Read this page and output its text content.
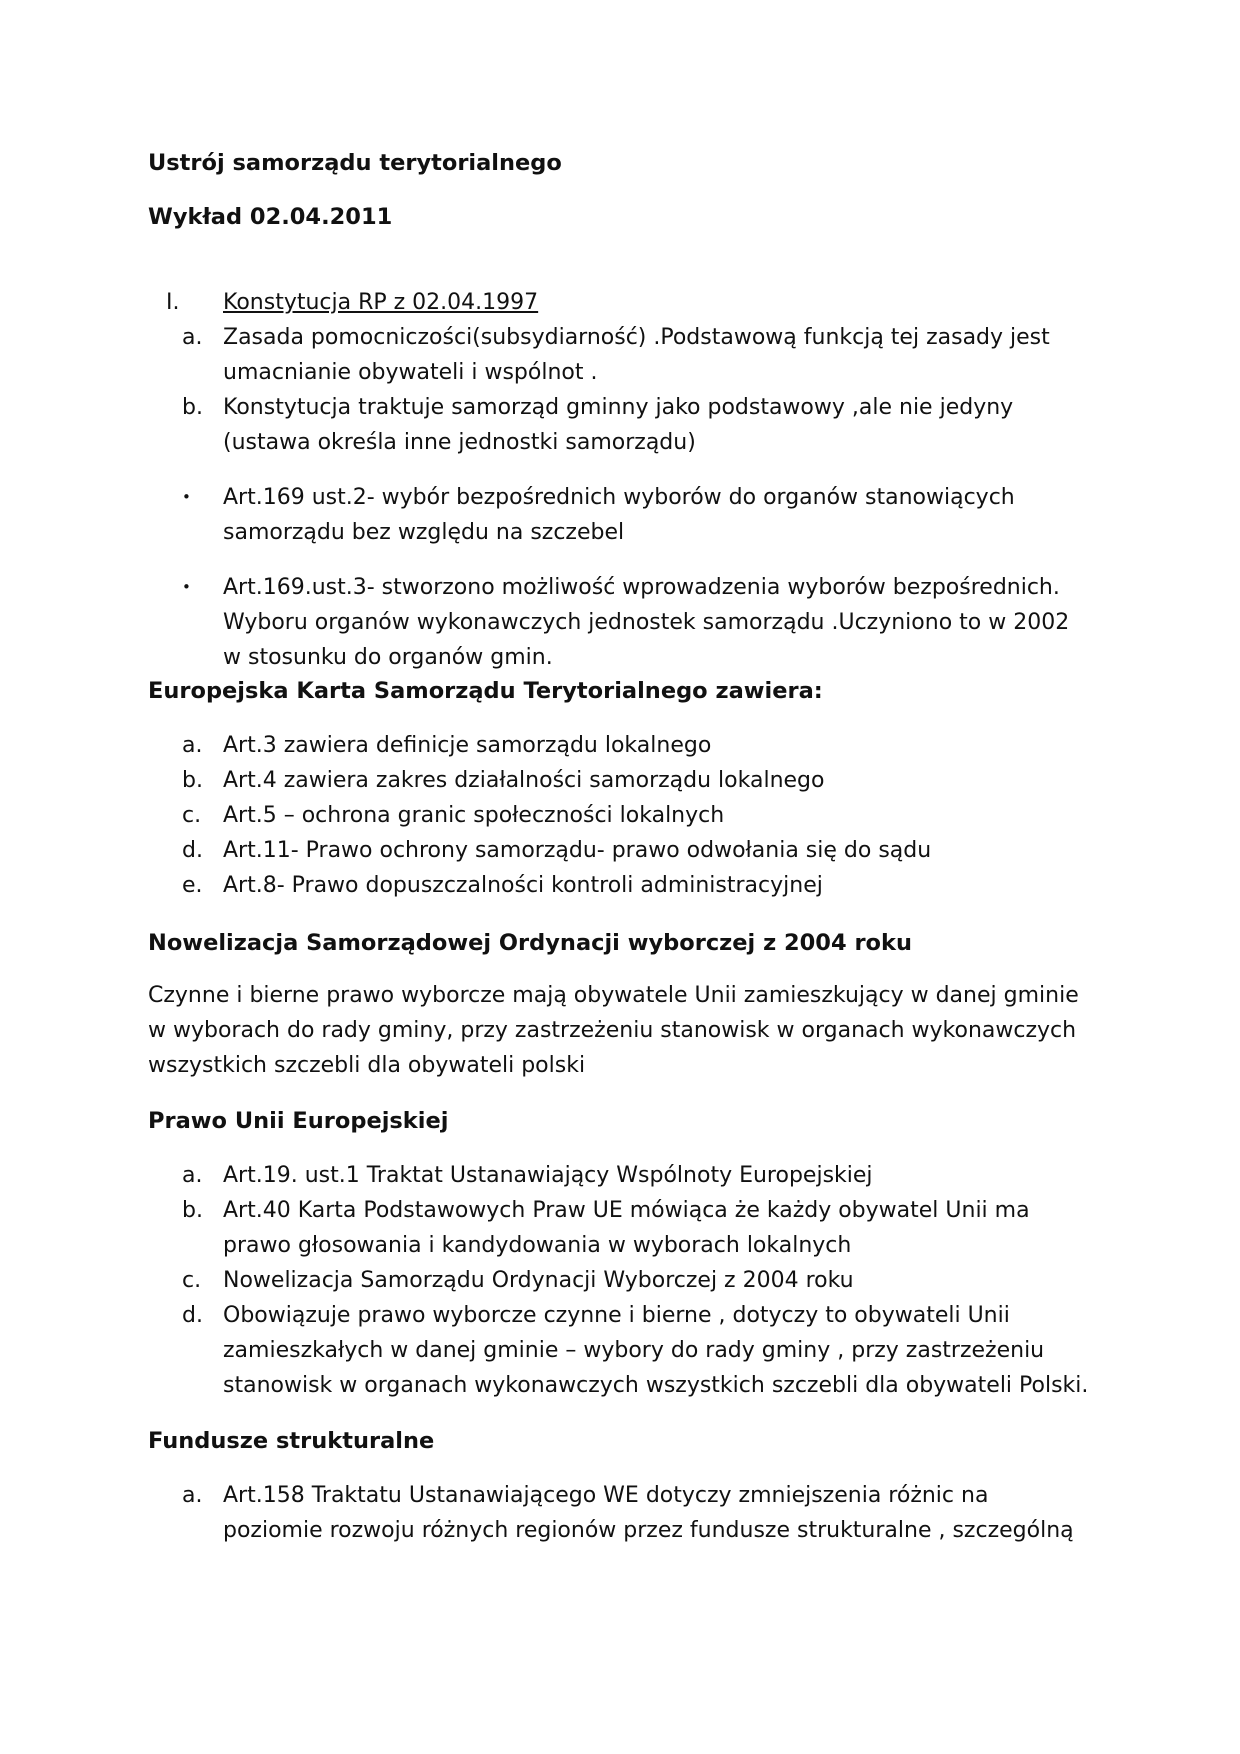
Ustrój samorządu terytorialnego
Wykład 02.04.2011
I. Konstytucja RP z 02.04.1997
a. Zasada pomocniczości(subsydiarność) .Podstawową funkcją tej zasady jest
umacnianie obywateli i wspólnot .
b. Konstytucja traktuje samorząd gminny jako podstawowy ,ale nie jedyny
(ustawa określa inne jednostki samorządu)
• Art.169 ust.2- wybór bezpośrednich wyborów do organów stanowiących
samorządu bez względu na szczebel
• Art.169.ust.3- stworzono możliwość wprowadzenia wyborów bezpośrednich.
Wyboru organów wykonawczych jednostek samorządu .Uczyniono to w 2002
w stosunku do organów gmin.
Europejska Karta Samorządu Terytorialnego zawiera:
a. Art.3 zawiera definicje samorządu lokalnego
b. Art.4 zawiera zakres działalności samorządu lokalnego
c. Art.5 – ochrona granic społeczności lokalnych
d. Art.11- Prawo ochrony samorządu- prawo odwołania się do sądu
e. Art.8- Prawo dopuszczalności kontroli administracyjnej
Nowelizacja Samorządowej Ordynacji wyborczej z 2004 roku
Czynne i bierne prawo wyborcze mają obywatele Unii zamieszkujący w danej gminie
w wyborach do rady gminy, przy zastrzeżeniu stanowisk w organach wykonawczych
wszystkich szczebli dla obywateli polski
Prawo Unii Europejskiej
a. Art.19. ust.1 Traktat Ustanawiający Wspólnoty Europejskiej
b. Art.40 Karta Podstawowych Praw UE mówiąca że każdy obywatel Unii ma
prawo głosowania i kandydowania w wyborach lokalnych
c. Nowelizacja Samorządu Ordynacji Wyborczej z 2004 roku
d. Obowiązuje prawo wyborcze czynne i bierne , dotyczy to obywateli Unii
zamieszkałych w danej gminie – wybory do rady gminy , przy zastrzeżeniu
stanowisk w organach wykonawczych wszystkich szczebli dla obywateli Polski.
Fundusze strukturalne
a. Art.158 Traktatu Ustanawiającego WE dotyczy zmniejszenia różnic na
poziomie rozwoju różnych regionów przez fundusze strukturalne , szczególną
